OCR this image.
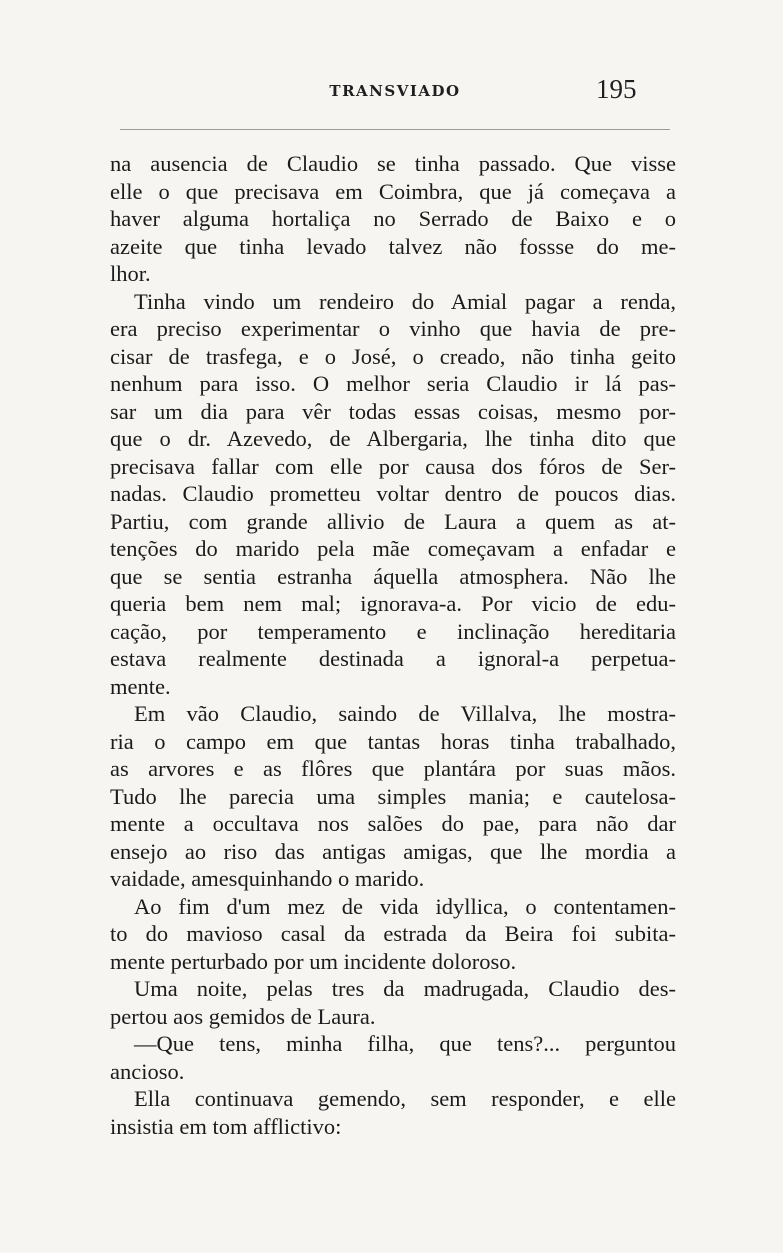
TRANSVIADO	195
na ausencia de Claudio se tinha passado. Que visse
elle o que precisava em Coimbra, que já começava a
haver alguma hortaliça no Serrado de Baixo e o
azeite que tinha levado talvez não fossse do me-
lhor.
Tinha vindo um rendeiro do Amial pagar a renda,
era preciso experimentar o vinho que havia de pre-
cisar de trasfega, e o José, o creado, não tinha geito
nenhum para isso. O melhor seria Claudio ir lá pas-
sar um dia para vêr todas essas coisas, mesmo por-
que o dr. Azevedo, de Albergaria, lhe tinha dito que
precisava fallar com elle por causa dos fóros de Ser-
nadas. Claudio prometteu voltar dentro de poucos dias.
Partiu, com grande allivio de Laura a quem as at-
tenções do marido pela mãe começavam a enfadar e
que se sentia estranha áquella atmosphera. Não lhe
queria bem nem mal; ignorava-a. Por vicio de edu-
cação, por temperamento e inclinação hereditaria
estava realmente destinada a ignoral-a perpetua-
mente.
Em vão Claudio, saindo de Villalva, lhe mostra-
ria o campo em que tantas horas tinha trabalhado,
as arvores e as flôres que plantára por suas mãos.
Tudo lhe parecia uma simples mania; e cautelosa-
mente a occultava nos salões do pae, para não dar
ensejo ao riso das antigas amigas, que lhe mordia a
vaidade, amesquinhando o marido.
Ao fim d'um mez de vida idyllica, o contentamen-
to do mavioso casal da estrada da Beira foi subita-
mente perturbado por um incidente doloroso.
Uma noite, pelas tres da madrugada, Claudio des-
pertou aos gemidos de Laura.
—Que tens, minha filha, que tens?... perguntou
ancioso.
Ella continuava gemendo, sem responder, e elle
insistia em tom afflictivo:
